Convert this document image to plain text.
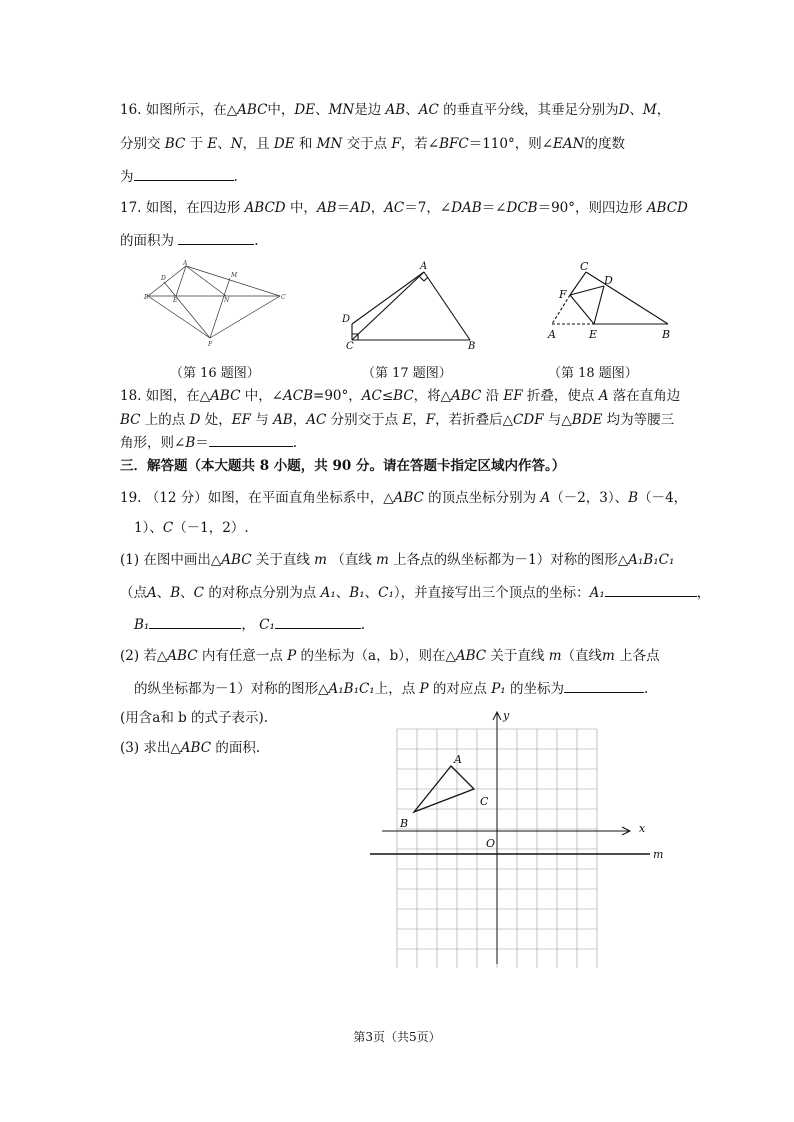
16. 如图所示，在△ABC中，DE、MN是边 AB、AC 的垂直平分线，其垂足分别为D、M，
分别交 BC 于 E、N，且 DE 和 MN 交于点 F，若∠BFC＝110°，则∠EAN的度数
为	.
17. 如图，在四边形 ABCD 中，AB＝AD，AC＝7，∠DAB＝∠DCB＝90°，则四边形 ABCD
的面积为	.
A
D	M
B	E	N	C
F
A
D
C	B
C
D
F
A	E	B
（第 16 题图）	（第 17 题图）	（第 18 题图）
18. 如图，在△ABC 中，∠ACB=90°，AC≤BC，将△ABC 沿 EF 折叠，使点 A 落在直角边
BC 上的点 D 处，EF 与 AB，AC 分别交于点 E，F，若折叠后△CDF 与△BDE 均为等腰三
角形，则∠B＝	.
三．解答题（本大题共 8 小题，共 90 分。请在答题卡指定区域内作答。）
19. （12 分）如图，在平面直角坐标系中，△ABC 的顶点坐标分别为 A（－2，3）、B（－4，
1）、C（－1，2）.
(1) 在图中画出△ABC 关于直线 m （直线 m 上各点的纵坐标都为－1）对称的图形△A₁B₁C₁
（点A、B、C 的对称点分别为点 A₁、B₁、C₁），并直接写出三个顶点的坐标：A₁	，
B₁	， C₁	.
(2) 若△ABC 内有任意一点 P 的坐标为（a，b），则在△ABC 关于直线 m（直线m 上各点
的纵坐标都为－1）对称的图形△A₁B₁C₁上，点 P 的对应点 P₁ 的坐标为	.
(用含a和 b 的式子表示).
(3) 求出△ABC 的面积.
A
B
C
O
x
y
m
第3页（共5页）
